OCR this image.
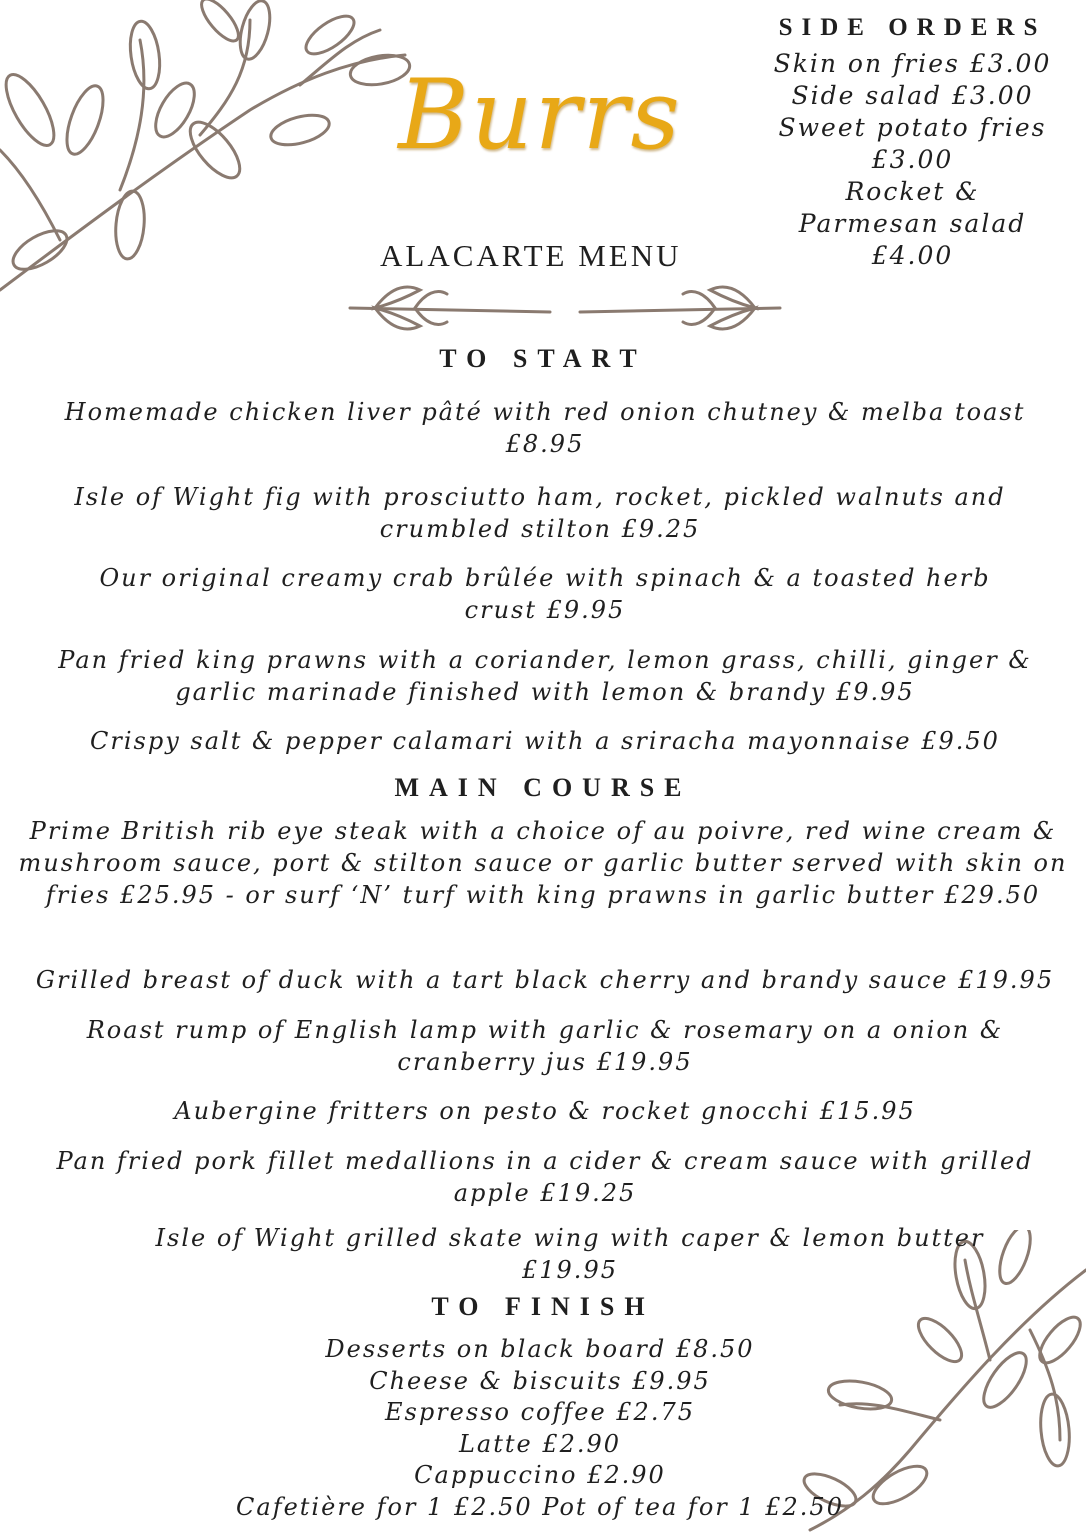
Burrs
ALACARTE MENU
SIDE ORDERS
Skin on fries £3.00
Side salad £3.00
Sweet potato fries £3.00
Rocket & Parmesan salad £4.00
TO START
Homemade chicken liver pâté with red onion chutney & melba toast £8.95
Isle of Wight fig with prosciutto ham, rocket, pickled walnuts and crumbled stilton £9.25
Our original creamy crab brûlée with spinach & a toasted herb crust £9.95
Pan fried king prawns with a coriander, lemon grass, chilli, ginger & garlic marinade finished with lemon & brandy £9.95
Crispy salt & pepper calamari with a sriracha mayonnaise £9.50
MAIN COURSE
Prime British rib eye steak with a choice of au poivre, red wine cream & mushroom sauce, port & stilton sauce or garlic butter served with skin on fries £25.95 - or surf ‘N’ turf with king prawns in garlic butter £29.50
Grilled breast of duck with a tart black cherry and brandy sauce £19.95
Roast rump of English lamp with garlic & rosemary on a onion & cranberry jus £19.95
Aubergine fritters on pesto & rocket gnocchi £15.95
Pan fried pork fillet medallions in a cider & cream sauce with grilled apple £19.25
Isle of Wight grilled skate wing with caper & lemon butter £19.95
TO FINISH
Desserts on black board £8.50
Cheese & biscuits £9.95
Espresso coffee £2.75
Latte £2.90
Cappuccino £2.90
Cafetière for 1 £2.50 Pot of tea for 1 £2.50
